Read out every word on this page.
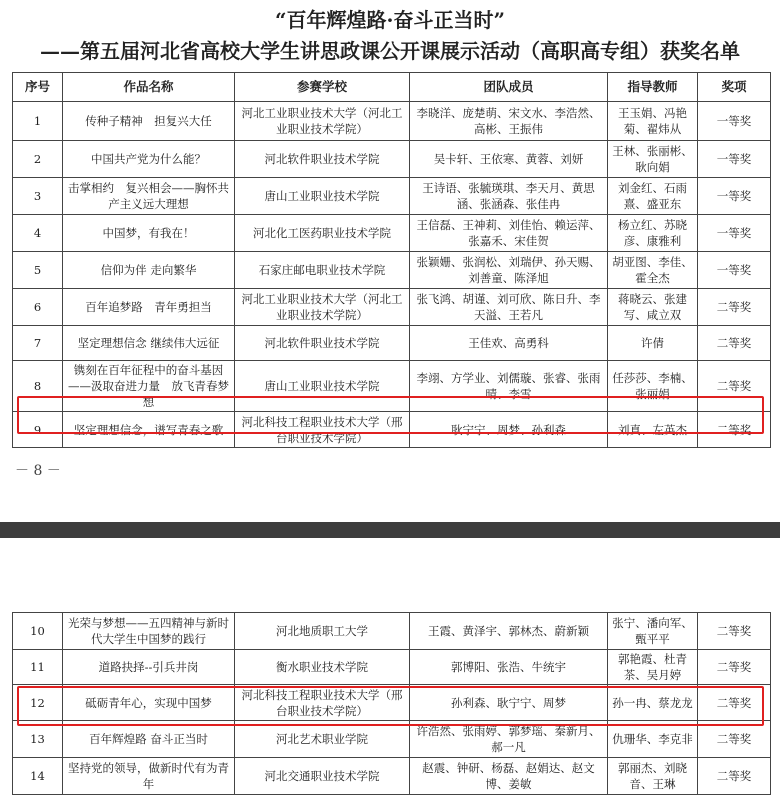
“百年辉煌路·奋斗正当时”
——第五届河北省高校大学生讲思政课公开课展示活动（高职高专组）获奖名单
序号	作品名称	参赛学校	团队成员	指导教师	奖项
1	传种子精神　担复兴大任	河北工业职业技术大学（河北工业职业技术学院）	李晓洋、庞楚萌、宋文水、李浩然、高彬、王振伟	王玉娟、冯艳菊、翟炜从	一等奖
2	中国共产党为什么能？	河北软件职业技术学院	吴卡轩、王依寒、黄蓉、刘妍	王林、张丽彬、耿向娟	一等奖
3	击掌相约　复兴相会——胸怀共产主义远大理想	唐山工业职业技术学院	王诗语、张毓瑛琪、李天月、黄思涵、张涵森、张佳冉	刘金红、石雨熹、盛亚东	一等奖
4	中国梦，有我在！	河北化工医药职业技术学院	王信磊、王神莉、刘佳怡、赖运萍、张嘉禾、宋佳贺	杨立红、苏晓彦、康雅利	一等奖
5	信仰为伴 走向繁华	石家庄邮电职业技术学院	张颖姗、张润松、刘瑞伊、孙天赐、刘善童、陈泽旭	胡亚图、李佳、霍全杰	一等奖
6	百年追梦路　青年勇担当	河北工业职业技术大学（河北工业职业技术学院）	张飞鸿、胡谨、刘可欣、陈日升、李天溢、王若凡	蒋晓云、张建写、咸立双	二等奖
7	坚定理想信念 继续伟大远征	河北软件职业技术学院	王佳欢、高勇科	许倩	二等奖
8	镌刻在百年征程中的奋斗基因——汲取奋进力量　放飞青春梦想	唐山工业职业技术学院	李翊、方学业、刘儒璇、张睿、张雨晴、李雪	任莎莎、李楠、张丽娟	二等奖
9	坚定理想信念，谱写青春之歌	河北科技工程职业技术大学（邢台职业技术学院）	耿宁宁、周梦、孙利森	刘真、左英杰	二等奖
－ 8 －
10	光荣与梦想——五四精神与新时代大学生中国梦的践行	河北地质职工大学	王霞、黄泽宇、郭林杰、蔚新颖	张宁、潘向军、甄平平	二等奖
11	道路抉择--引兵井岗	衡水职业技术学院	郭博阳、张浩、牛统宇	郭艳霞、杜青茶、吴月婷	二等奖
12	砥砺青年心，实现中国梦	河北科技工程职业技术大学（邢台职业技术学院）	孙利森、耿宁宁、周梦	孙一冉、蔡龙龙	二等奖
13	百年辉煌路 奋斗正当时	河北艺术职业学院	许浩然、张雨婷、郭梦瑶、秦新月、郝一凡	仇珊华、李克非	二等奖
14	坚持党的领导，做新时代有为青年	河北交通职业技术学院	赵震、钟研、杨磊、赵娟达、赵文博、姜敏	郭丽杰、刘晓音、王琳	二等奖
